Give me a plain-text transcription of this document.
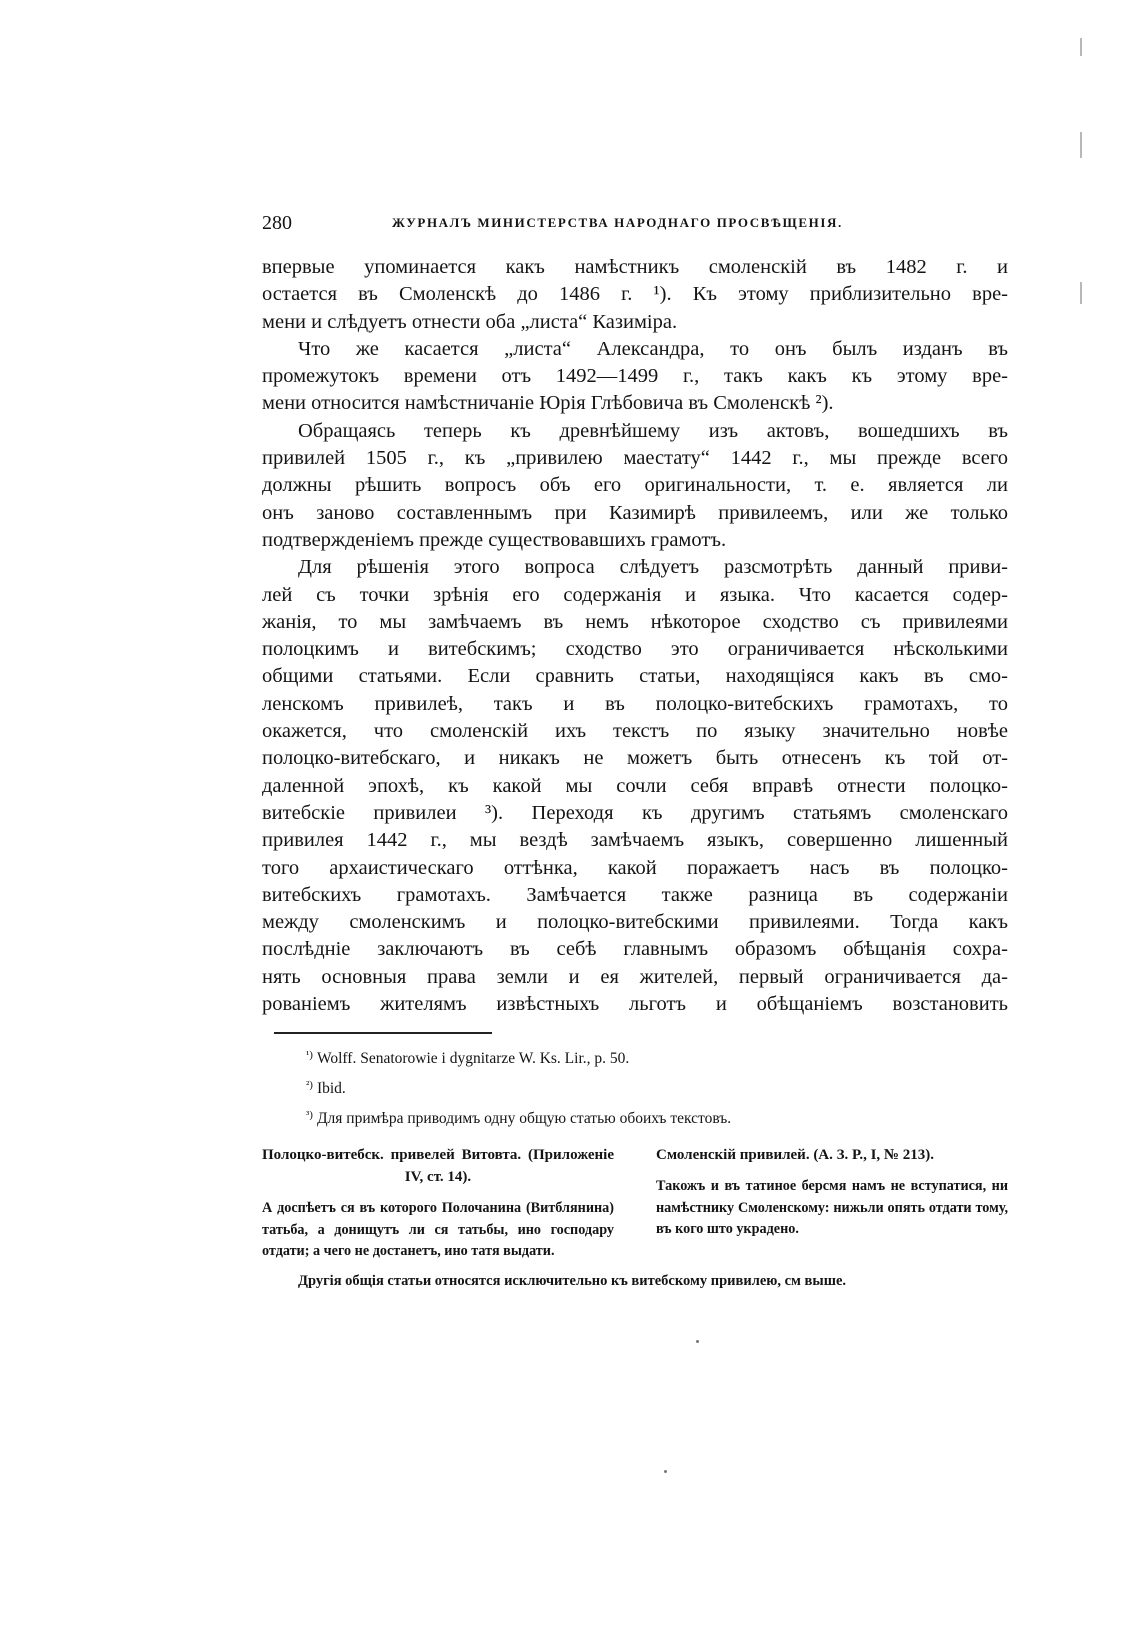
280	ЖУРНАЛЪ МИНИСТЕРСТВА НАРОДНАГО ПРОСВѢЩЕНІЯ.

впервые упоминается какъ намѣстникъ смоленскій въ 1482 г. и

остается въ Смоленскѣ до 1486 г. ¹). Къ этому приблизительно вре-

мени и слѣдуетъ отнести оба „листа“ Казиміра.

Что же касается „листа“ Александра, то онъ былъ изданъ въ

промежутокъ времени отъ 1492—1499 г., такъ какъ къ этому вре-

мени относится намѣстничаніе Юрія Глѣбовича въ Смоленскѣ ²).

Обращаясь теперь къ древнѣйшему изъ актовъ, вошедшихъ въ

привилей 1505 г., къ „привилею маестату“ 1442 г., мы прежде всего

должны рѣшить вопросъ объ его оригинальности, т. е. является ли

онъ заново составленнымъ при Казимирѣ привилеемъ, или же только

подтвержденіемъ прежде существовавшихъ грамотъ.

Для рѣшенія этого вопроса слѣдуетъ разсмотрѣть данный приви-

лей съ точки зрѣнія его содержанія и языка. Что касается содер-

жанія, то мы замѣчаемъ въ немъ нѣкоторое сходство съ привилеями

полоцкимъ и витебскимъ; сходство это ограничивается нѣсколькими

общими статьями. Если сравнить статьи, находящіяся какъ въ смо-

ленскомъ привилеѣ, такъ и въ полоцко-витебскихъ грамотахъ, то

окажется, что смоленскій ихъ текстъ по языку значительно новѣе

полоцко-витебскаго, и никакъ не можетъ быть отнесенъ къ той от-

даленной эпохѣ, къ какой мы сочли себя вправѣ отнести полоцко-

витебскіе привилеи ³). Переходя къ другимъ статьямъ смоленскаго

привилея 1442 г., мы вездѣ замѣчаемъ языкъ, совершенно лишенный

того архаистическаго оттѣнка, какой поражаетъ насъ въ полоцко-

витебскихъ грамотахъ. Замѣчается также разница въ содержаніи

между смоленскимъ и полоцко-витебскими привилеями. Тогда какъ

послѣдніе заключаютъ въ себѣ главнымъ образомъ обѣщанія сохра-

нять основныя права земли и ея жителей, первый ограничивается да-

рованіемъ жителямъ извѣстныхъ льготъ и обѣщаніемъ возстановить

$^{^1)}$ Wolff. Senatorowie i dygnitarze W. Ks. Lir., p. 50.

$^{^2)}$ Ibid.

$^{^3)}$ Для примѣра приводимъ одну общую статью обоихъ текстовъ.

Полоцко-витебск. привелей Витовта. (Приложеніе IV, ст. 14).

А доспѣетъ ся въ которого Полочанина (Витблянина) татьба, а донищутъ ли ся татьбы, ино господару отдати; а чего не достанетъ, ино татя выдати.

Смоленскій привилей. (А. З. Р., I, № 213).

Такожъ и въ татиное берсмя намъ не вступатися, ни намѣстнику Смоленскому: нижьли опять отдати тому, въ кого што украдено.

Другія общія статьи относятся исключительно къ витебскому привилею, см выше.
